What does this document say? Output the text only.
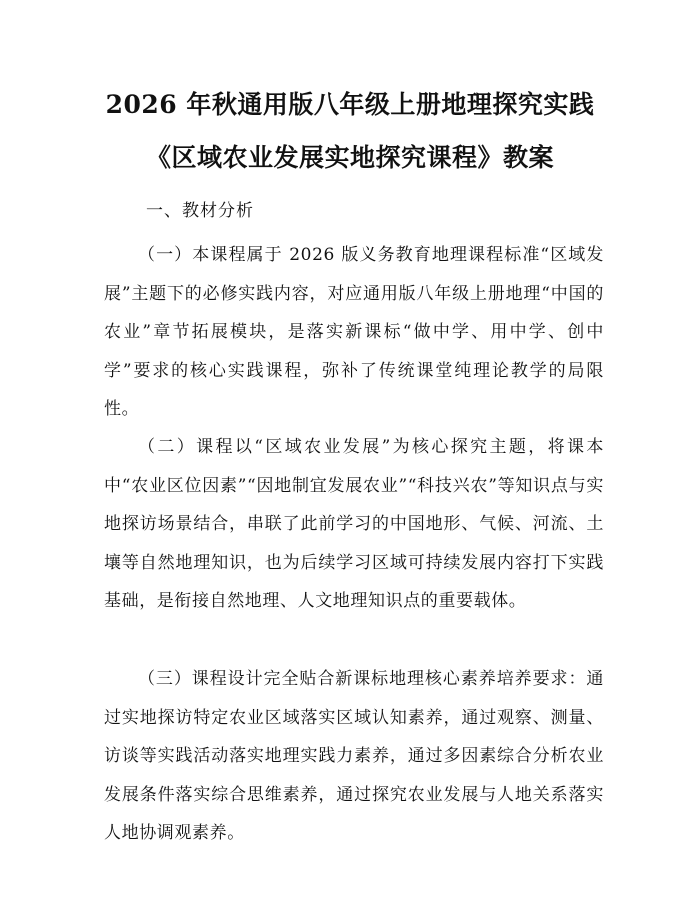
2026 年秋通用版八年级上册地理探究实践
《区域农业发展实地探究课程》教案
一、教材分析

（一）本课程属于 2026 版义务教育地理课程标准“区域发展”主题下的必修实践内容，对应通用版八年级上册地理“中国的农业”章节拓展模块，是落实新课标“做中学、用中学、创中学”要求的核心实践课程，弥补了传统课堂纯理论教学的局限性。

（二）课程以“区域农业发展”为核心探究主题，将课本中“农业区位因素”“因地制宜发展农业”“科技兴农”等知识点与实地探访场景结合，串联了此前学习的中国地形、气候、河流、土壤等自然地理知识，也为后续学习区域可持续发展内容打下实践基础，是衔接自然地理、人文地理知识点的重要载体。

（三）课程设计完全贴合新课标地理核心素养培养要求：通过实地探访特定农业区域落实区域认知素养，通过观察、测量、访谈等实践活动落实地理实践力素养，通过多因素综合分析农业发展条件落实综合思维素养，通过探究农业发展与人地关系落实人地协调观素养。
